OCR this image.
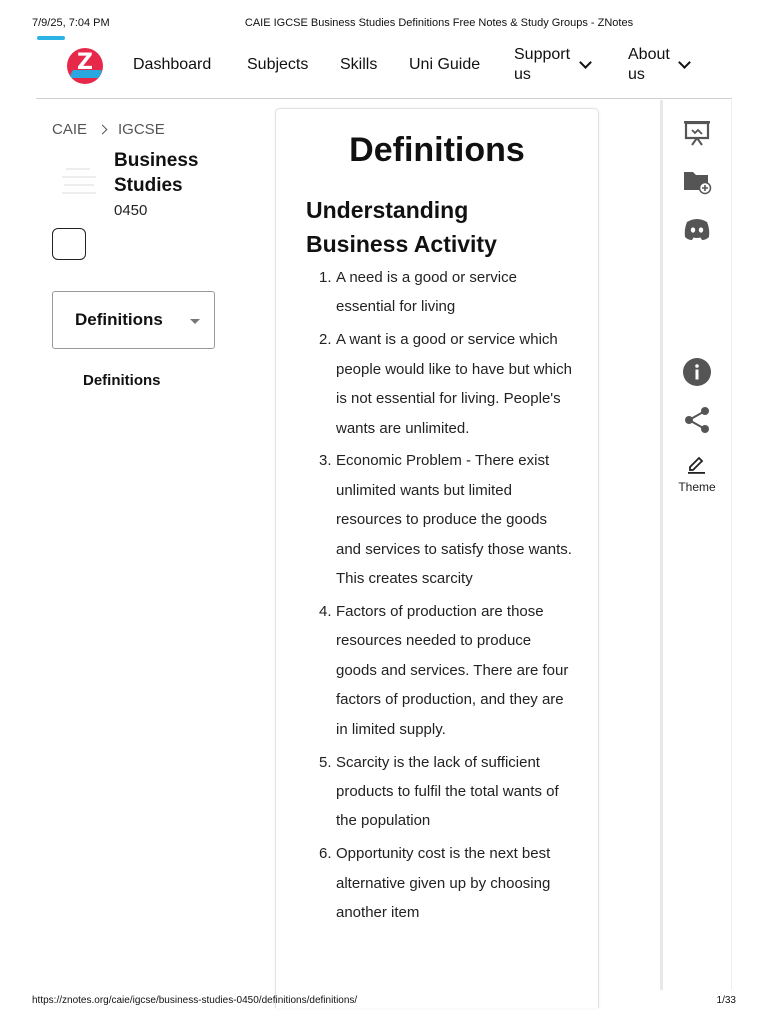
7/9/25, 7:04 PM	CAIE IGCSE Business Studies Definitions Free Notes & Study Groups - ZNotes
Z	Dashboard Subjects Skills Uni Guide
Support us
About us
CAIE IGCSE
Business Studies
0450
Definitions
Definitions
Definitions
Understanding Business Activity
1. A need is a good or service essential for living
2. A want is a good or service which people would like to have but which is not essential for living. People's wants are unlimited.
3. Economic Problem - There exist unlimited wants but limited resources to produce the goods and services to satisfy those wants. This creates scarcity
4. Factors of production are those resources needed to produce goods and services. There are four factors of production, and they are in limited supply.
5. Scarcity is the lack of sufficient products to fulfil the total wants of the population
6. Opportunity cost is the next best alternative given up by choosing another item
Theme
https://znotes.org/caie/igcse/business-studies-0450/definitions/definitions/	1/33
